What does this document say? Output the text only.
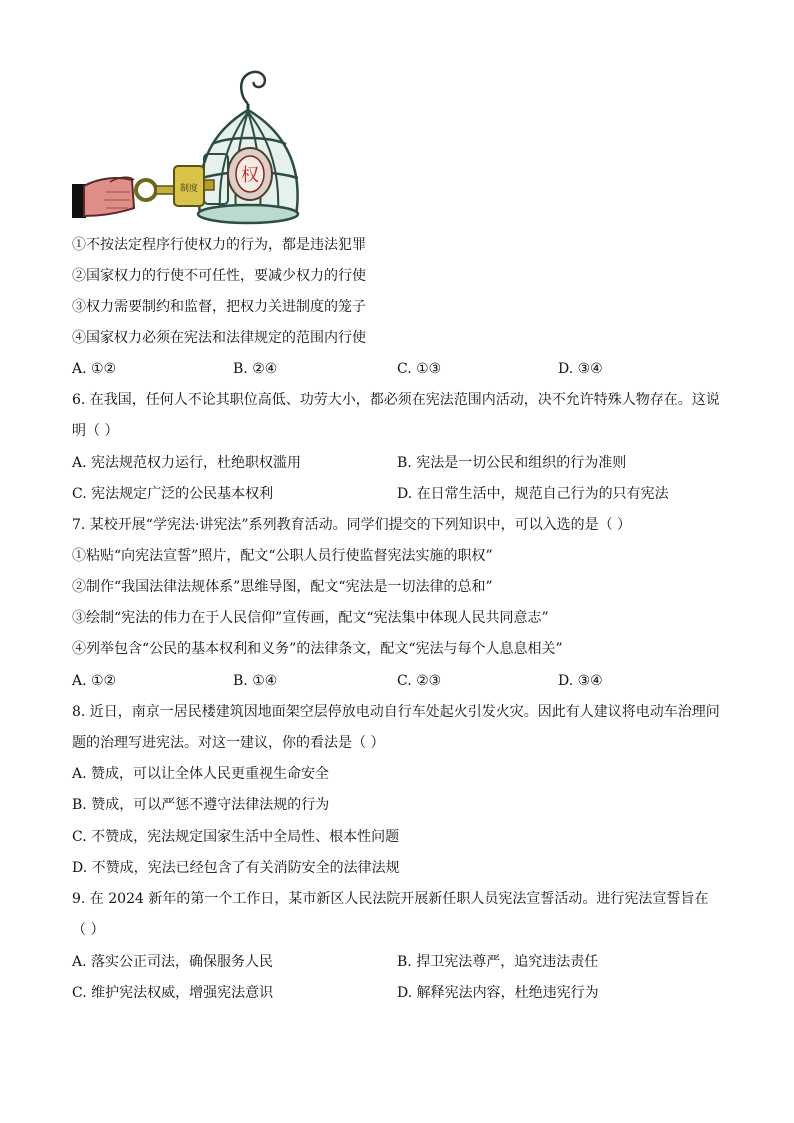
权
制度
①不按法定程序行使权力的行为，都是违法犯罪
②国家权力的行使不可任性，要减少权力的行使
③权力需要制约和监督，把权力关进制度的笼子
④国家权力必须在宪法和法律规定的范围内行使
A. ①②	B. ②④	C. ①③	D. ③④
6. 在我国，任何人不论其职位高低、功劳大小，都必须在宪法范围内活动，决不允许特殊人物存在。这说
明（ ）
A. 宪法规范权力运行，杜绝职权滥用	B. 宪法是一切公民和组织的行为准则
C. 宪法规定广泛的公民基本权利	D. 在日常生活中，规范自己行为的只有宪法
7. 某校开展“学宪法·讲宪法”系列教育活动。同学们提交的下列知识中，可以入选的是（ ）
①粘贴“向宪法宣誓”照片，配文“公职人员行使监督宪法实施的职权”
②制作“我国法律法规体系”思维导图，配文“宪法是一切法律的总和”
③绘制“宪法的伟力在于人民信仰”宣传画，配文“宪法集中体现人民共同意志”
④列举包含“公民的基本权利和义务”的法律条文，配文“宪法与每个人息息相关”
A. ①②	B. ①④	C. ②③	D. ③④
8. 近日，南京一居民楼建筑因地面架空层停放电动自行车处起火引发火灾。因此有人建议将电动车治理问
题的治理写进宪法。对这一建议，你的看法是（ ）
A. 赞成，可以让全体人民更重视生命安全
B. 赞成，可以严惩不遵守法律法规的行为
C. 不赞成，宪法规定国家生活中全局性、根本性问题
D. 不赞成，宪法已经包含了有关消防安全的法律法规
9. 在 2024 新年的第一个工作日，某市新区人民法院开展新任职人员宪法宣誓活动。进行宪法宣誓旨在
（ ）
A. 落实公正司法，确保服务人民	B. 捍卫宪法尊严，追究违法责任
C. 维护宪法权威，增强宪法意识	D. 解释宪法内容，杜绝违宪行为
